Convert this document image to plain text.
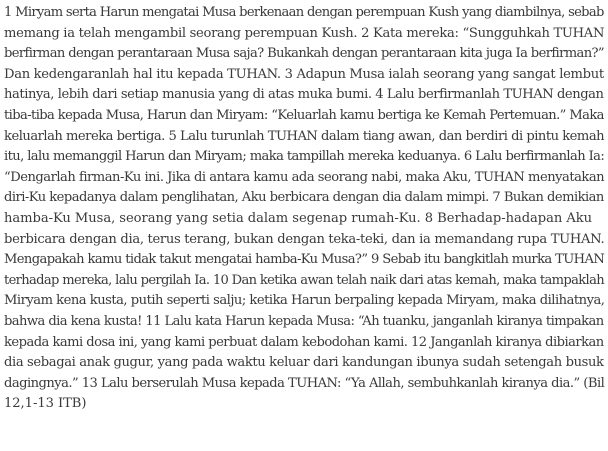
1 Miryam serta Harun mengatai Musa berkenaan dengan perempuan Kush yang diambilnya, sebab
memang ia telah mengambil seorang perempuan Kush. 2 Kata mereka: “Sungguhkah TUHAN
berfirman dengan perantaraan Musa saja? Bukankah dengan perantaraan kita juga Ia berfirman?”
Dan kedengaranlah hal itu kepada TUHAN. 3 Adapun Musa ialah seorang yang sangat lembut
hatinya, lebih dari setiap manusia yang di atas muka bumi. 4 Lalu berfirmanlah TUHAN dengan
tiba-tiba kepada Musa, Harun dan Miryam: “Keluarlah kamu bertiga ke Kemah Pertemuan.” Maka
keluarlah mereka bertiga. 5 Lalu turunlah TUHAN dalam tiang awan, dan berdiri di pintu kemah
itu, lalu memanggil Harun dan Miryam; maka tampillah mereka keduanya. 6 Lalu berfirmanlah Ia:
“Dengarlah firman-Ku ini. Jika di antara kamu ada seorang nabi, maka Aku, TUHAN menyatakan
diri-Ku kepadanya dalam penglihatan, Aku berbicara dengan dia dalam mimpi. 7 Bukan demikian
hamba-Ku Musa, seorang yang setia dalam segenap rumah-Ku. 8 Berhadap-hadapan Aku
berbicara dengan dia, terus terang, bukan dengan teka-teki, dan ia memandang rupa TUHAN.
Mengapakah kamu tidak takut mengatai hamba-Ku Musa?” 9 Sebab itu bangkitlah murka TUHAN
terhadap mereka, lalu pergilah Ia. 10 Dan ketika awan telah naik dari atas kemah, maka tampaklah
Miryam kena kusta, putih seperti salju; ketika Harun berpaling kepada Miryam, maka dilihatnya,
bahwa dia kena kusta! 11 Lalu kata Harun kepada Musa: “Ah tuanku, janganlah kiranya timpakan
kepada kami dosa ini, yang kami perbuat dalam kebodohan kami. 12 Janganlah kiranya dibiarkan
dia sebagai anak gugur, yang pada waktu keluar dari kandungan ibunya sudah setengah busuk
dagingnya.” 13 Lalu berserulah Musa kepada TUHAN: “Ya Allah, sembuhkanlah kiranya dia.” (Bil
12,1-13 ITB)
